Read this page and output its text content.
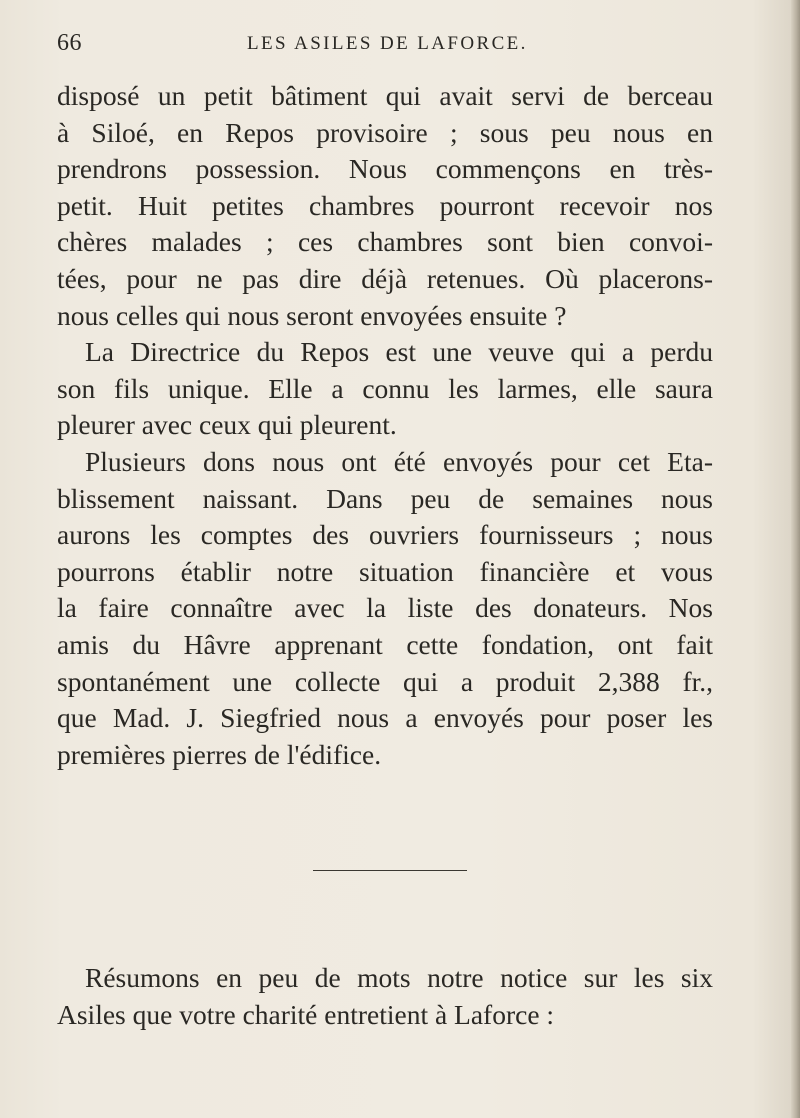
66	LES ASILES DE LAFORCE.
disposé un petit bâtiment qui avait servi de berceau
à Siloé, en Repos provisoire ; sous peu nous en
prendrons possession. Nous commençons en très-
petit. Huit petites chambres pourront recevoir nos
chères malades ; ces chambres sont bien convoi-
tées, pour ne pas dire déjà retenues. Où placerons-
nous celles qui nous seront envoyées ensuite ?
La Directrice du Repos est une veuve qui a perdu
son fils unique. Elle a connu les larmes, elle saura
pleurer avec ceux qui pleurent.
Plusieurs dons nous ont été envoyés pour cet Eta-
blissement naissant. Dans peu de semaines nous
aurons les comptes des ouvriers fournisseurs ; nous
pourrons établir notre situation financière et vous
la faire connaître avec la liste des donateurs. Nos
amis du Hâvre apprenant cette fondation, ont fait
spontanément une collecte qui a produit 2,388 fr.,
que Mad. J. Siegfried nous a envoyés pour poser les
premières pierres de l'édifice.
Résumons en peu de mots notre notice sur les six
Asiles que votre charité entretient à Laforce :
